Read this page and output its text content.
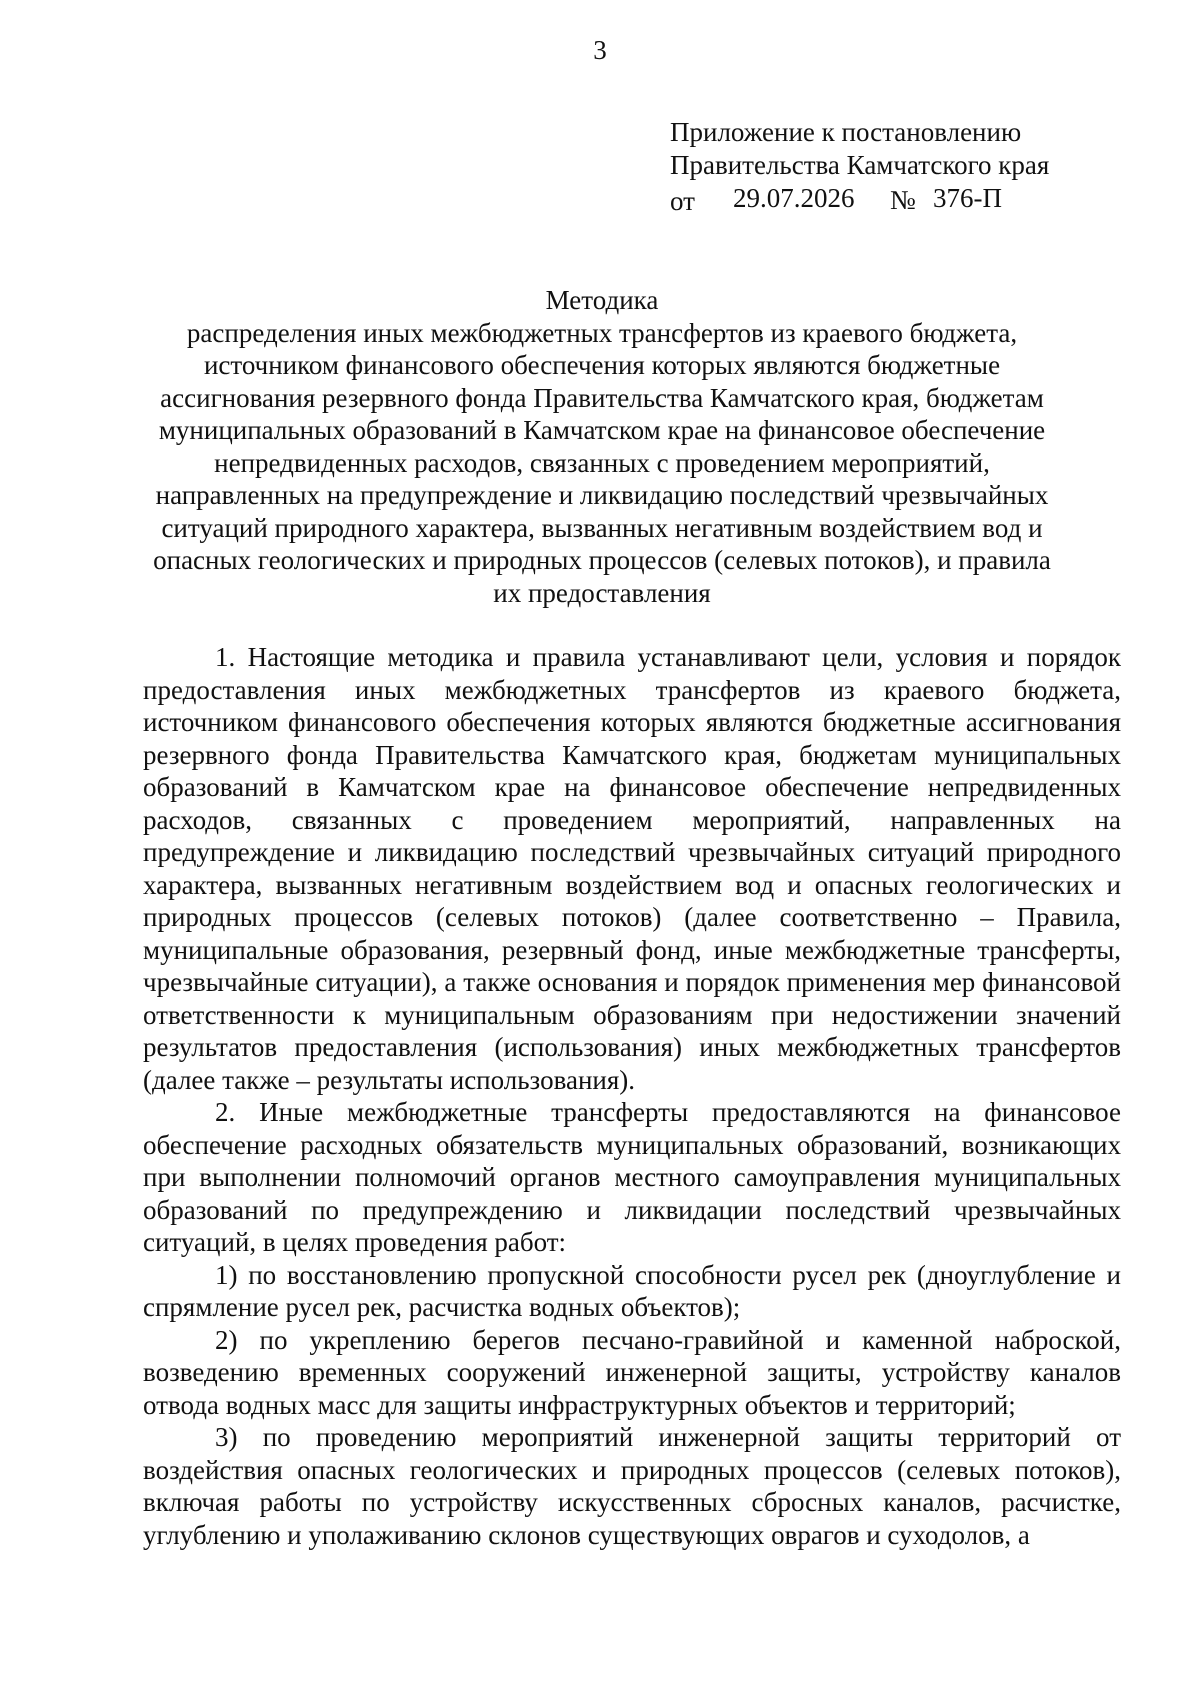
3
Приложение к постановлению
Правительства Камчатского края
от 29.07.2026 № 376-П
Методика
распределения иных межбюджетных трансфертов из краевого бюджета, источником финансового обеспечения которых являются бюджетные ассигнования резервного фонда Правительства Камчатского края, бюджетам муниципальных образований в Камчатском крае на финансовое обеспечение непредвиденных расходов, связанных с проведением мероприятий, направленных на предупреждение и ликвидацию последствий чрезвычайных ситуаций природного характера, вызванных негативным воздействием вод и опасных геологических и природных процессов (селевых потоков), и правила их предоставления

1. Настоящие методика и правила устанавливают цели, условия и порядок предоставления иных межбюджетных трансфертов из краевого бюджета, источником финансового обеспечения которых являются бюджетные ассигнования резервного фонда Правительства Камчатского края, бюджетам муниципальных образований в Камчатском крае на финансовое обеспечение непредвиденных расходов, связанных с проведением мероприятий, направленных на предупреждение и ликвидацию последствий чрезвычайных ситуаций природного характера, вызванных негативным воздействием вод и опасных геологических и природных процессов (селевых потоков) (далее соответственно – Правила, муниципальные образования, резервный фонд, иные межбюджетные трансферты, чрезвычайные ситуации), а также основания и порядок применения мер финансовой ответственности к муниципальным образованиям при недостижении значений результатов предоставления (использования) иных межбюджетных трансфертов (далее также – результаты использования).

2. Иные межбюджетные трансферты предоставляются на финансовое обеспечение расходных обязательств муниципальных образований, возникающих при выполнении полномочий органов местного самоуправления муниципальных образований по предупреждению и ликвидации последствий чрезвычайных ситуаций, в целях проведения работ:

1) по восстановлению пропускной способности русел рек (дноуглубление и спрямление русел рек, расчистка водных объектов);

2) по укреплению берегов песчано-гравийной и каменной наброской, возведению временных сооружений инженерной защиты, устройству каналов отвода водных масс для защиты инфраструктурных объектов и территорий;

3) по проведению мероприятий инженерной защиты территорий от воздействия опасных геологических и природных процессов (селевых потоков), включая работы по устройству искусственных сбросных каналов, расчистке, углублению и уполаживанию склонов существующих оврагов и суходолов, а
